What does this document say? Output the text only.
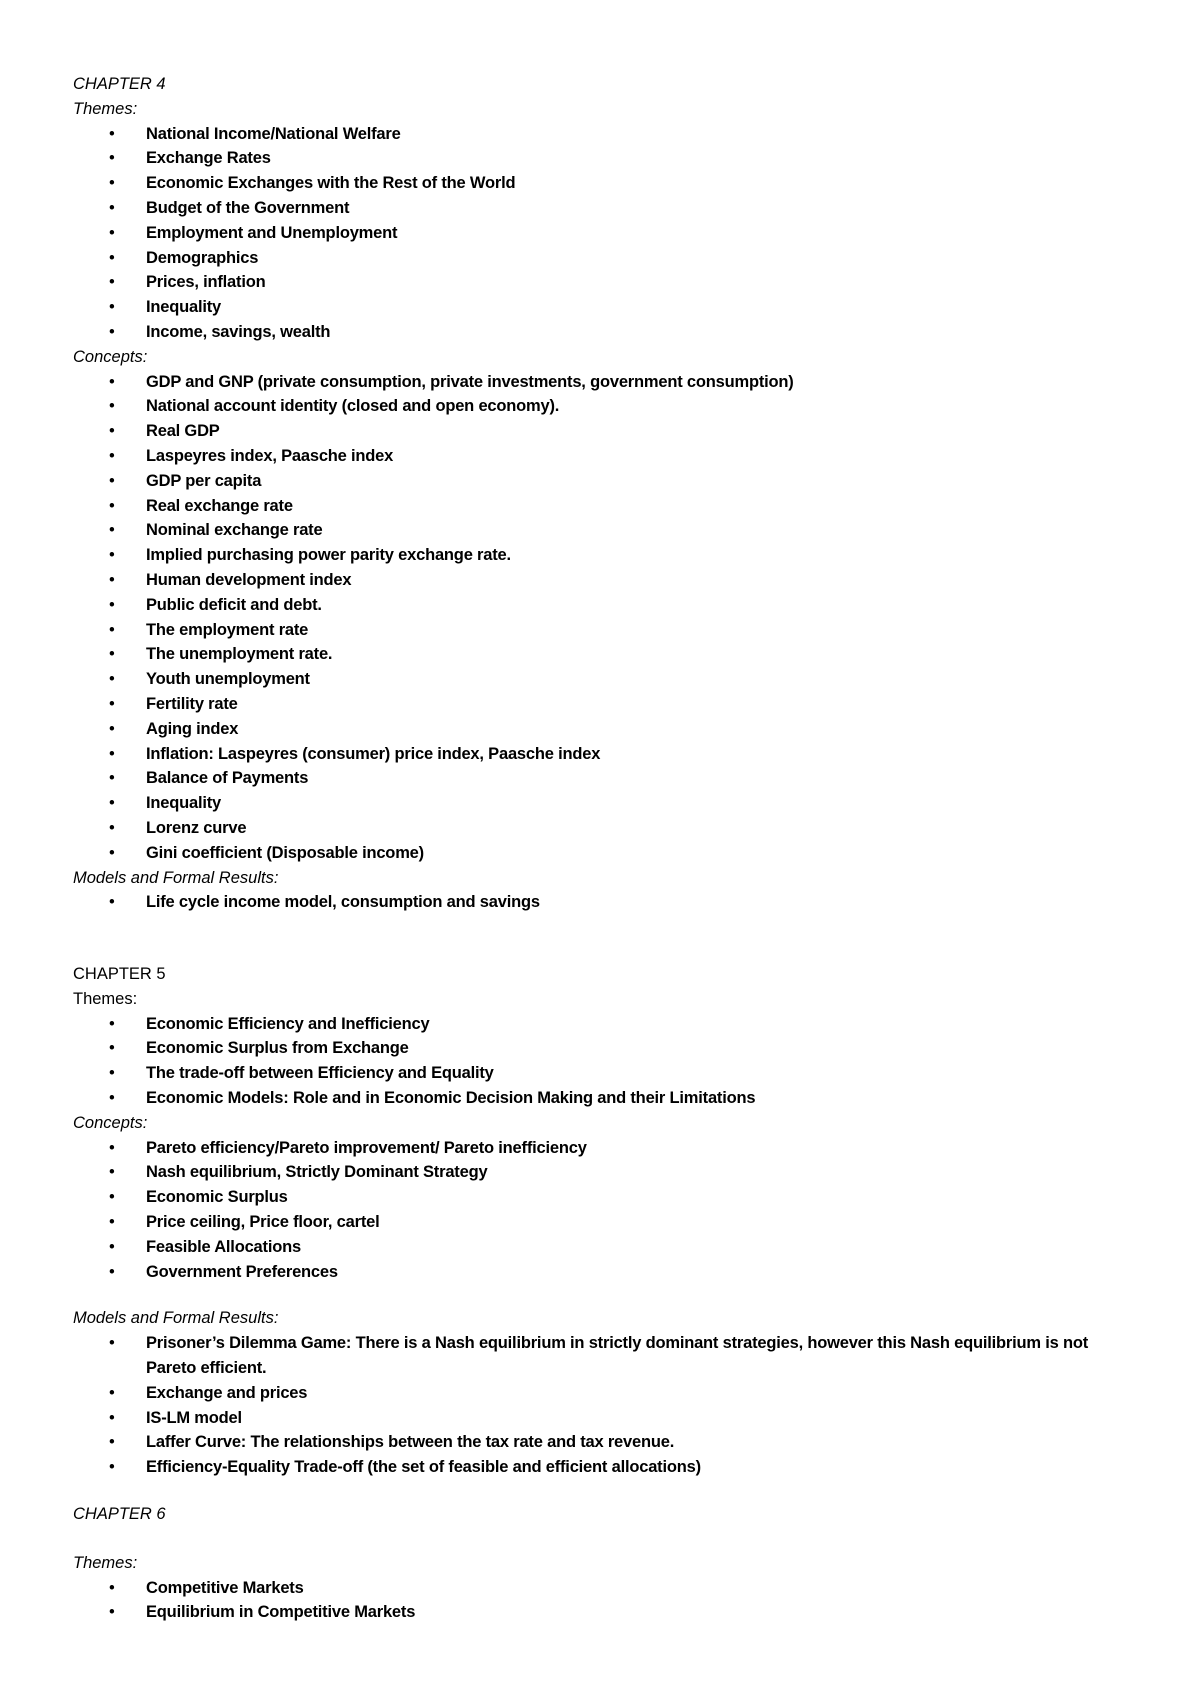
CHAPTER 4
Themes:
• National Income/National Welfare
• Exchange Rates
• Economic Exchanges with the Rest of the World
• Budget of the Government
• Employment and Unemployment
• Demographics
• Prices, inflation
• Inequality
• Income, savings, wealth
Concepts:
• GDP and GNP (private consumption, private investments, government consumption)
• National account identity (closed and open economy).
• Real GDP
• Laspeyres index, Paasche index
• GDP per capita
• Real exchange rate
• Nominal exchange rate
• Implied purchasing power parity exchange rate.
• Human development index
• Public deficit and debt.
• The employment rate
• The unemployment rate.
• Youth unemployment
• Fertility rate
• Aging index
• Inflation: Laspeyres (consumer) price index, Paasche index
• Balance of Payments
• Inequality
• Lorenz curve
• Gini coefficient (Disposable income)
Models and Formal Results:
• Life cycle income model, consumption and savings
CHAPTER 5
Themes:
• Economic Efficiency and Inefficiency
• Economic Surplus from Exchange
• The trade-off between Efficiency and Equality
• Economic Models: Role and in Economic Decision Making and their Limitations
Concepts:
• Pareto efficiency/Pareto improvement/ Pareto inefficiency
• Nash equilibrium, Strictly Dominant Strategy
• Economic Surplus
• Price ceiling, Price floor, cartel
• Feasible Allocations
• Government Preferences
Models and Formal Results:
• Prisoner’s Dilemma Game: There is a Nash equilibrium in strictly dominant strategies, however this Nash equilibrium is not Pareto efficient.
• Exchange and prices
• IS-LM model
• Laffer Curve: The relationships between the tax rate and tax revenue.
• Efficiency-Equality Trade-off (the set of feasible and efficient allocations)
CHAPTER 6
Themes:
• Competitive Markets
• Equilibrium in Competitive Markets
